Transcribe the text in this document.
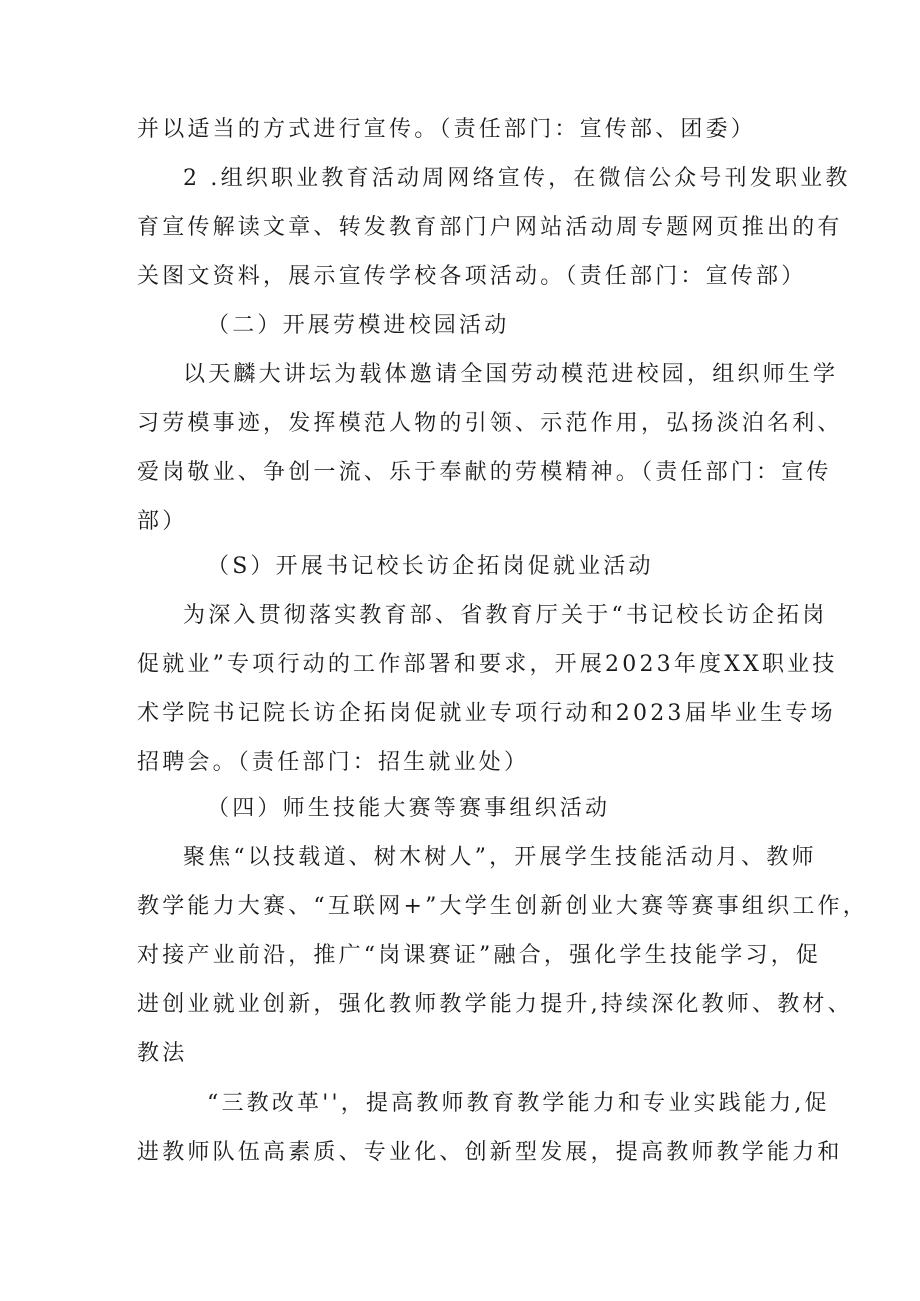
并以适当的方式进行宣传。（责任部门：宣传部、团委）
2 .组织职业教育活动周网络宣传，在微信公众号刊发职业教
育宣传解读文章、转发教育部门户网站活动周专题网页推出的有
关图文资料，展示宣传学校各项活动。（责任部门：宣传部）
（二）开展劳模进校园活动
以天麟大讲坛为载体邀请全国劳动模范进校园，组织师生学
习劳模事迹，发挥模范人物的引领、示范作用，弘扬淡泊名利、
爱岗敬业、争创一流、乐于奉献的劳模精神。（责任部门：宣传
部）
（S）开展书记校长访企拓岗促就业活动
为深入贯彻落实教育部、省教育厅关于“书记校长访企拓岗
促就业”专项行动的工作部署和要求，开展2023年度XX职业技
术学院书记院长访企拓岗促就业专项行动和2023届毕业生专场
招聘会。（责任部门：招生就业处）
（四）师生技能大赛等赛事组织活动
聚焦“以技载道、树木树人”，开展学生技能活动月、教师
教学能力大赛、“互联网+”大学生创新创业大赛等赛事组织工作，
对接产业前沿，推广“岗课赛证”融合，强化学生技能学习，促
进创业就业创新，强化教师教学能力提升,持续深化教师、教材、
教法
“三教改革''，提高教师教育教学能力和专业实践能力,促
进教师队伍高素质、专业化、创新型发展，提高教师教学能力和
